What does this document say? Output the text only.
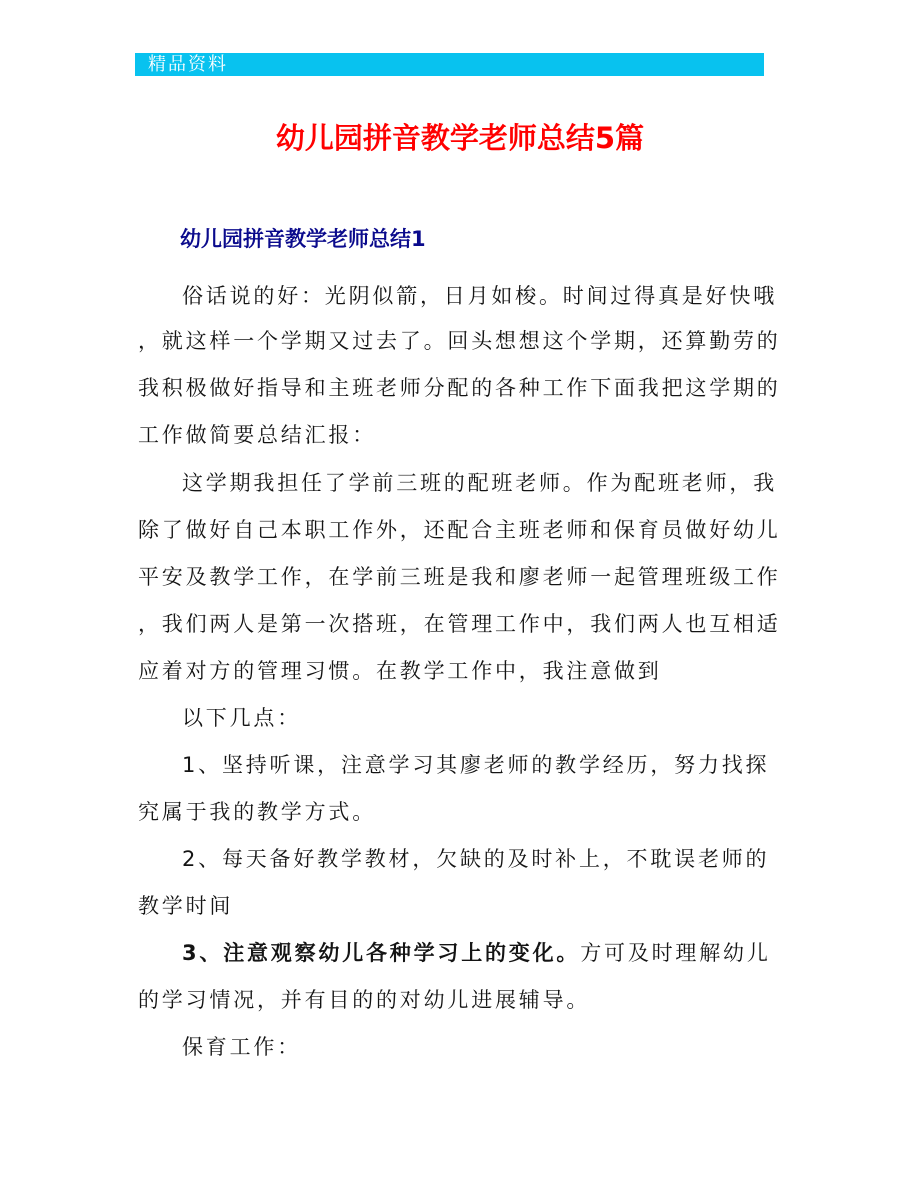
精品资料
幼儿园拼音教学老师总结5篇
幼儿园拼音教学老师总结1
俗话说的好：光阴似箭，日月如梭。时间过得真是好快哦
，就这样一个学期又过去了。回头想想这个学期，还算勤劳的
我积极做好指导和主班老师分配的各种工作下面我把这学期的
工作做简要总结汇报：
这学期我担任了学前三班的配班老师。作为配班老师，我
除了做好自己本职工作外，还配合主班老师和保育员做好幼儿
平安及教学工作，在学前三班是我和廖老师一起管理班级工作
，我们两人是第一次搭班，在管理工作中，我们两人也互相适
应着对方的管理习惯。在教学工作中，我注意做到
以下几点：
1、坚持听课，注意学习其廖老师的教学经历，努力找探
究属于我的教学方式。
2、每天备好教学教材，欠缺的及时补上，不耽误老师的
教学时间
3、注意观察幼儿各种学习上的变化。方可及时理解幼儿
的学习情况，并有目的的对幼儿进展辅导。
保育工作：
